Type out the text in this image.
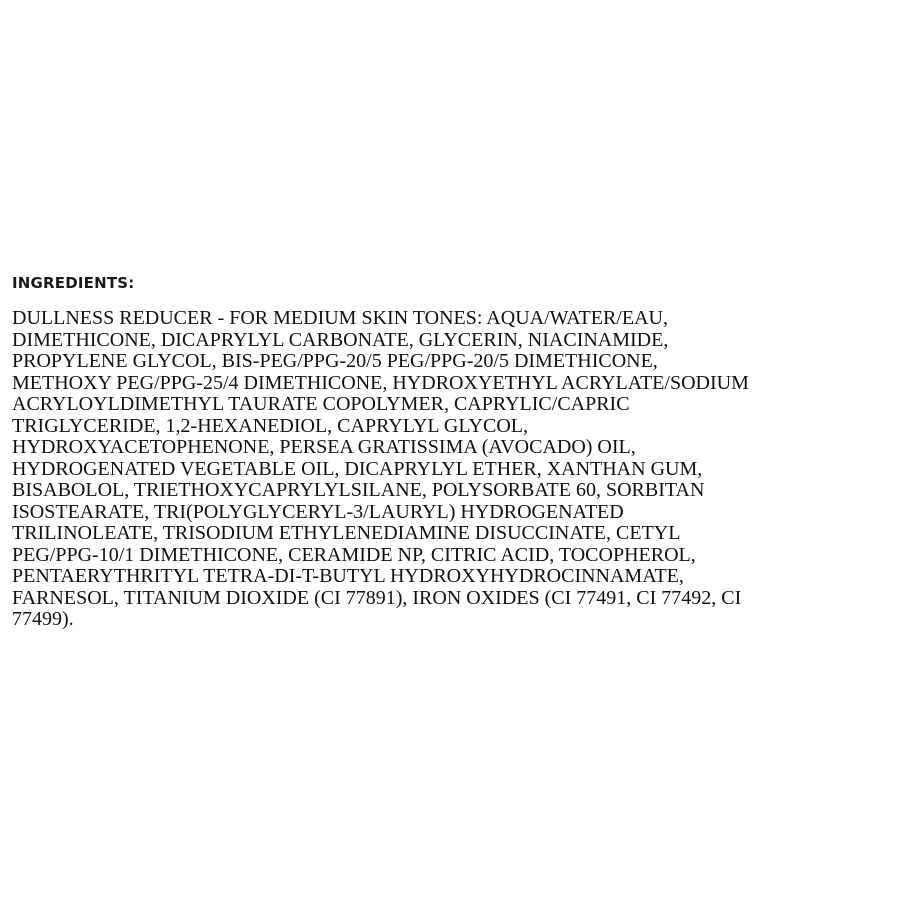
INGREDIENTS:
DULLNESS REDUCER - FOR MEDIUM SKIN TONES: AQUA/WATER/EAU,
DIMETHICONE, DICAPRYLYL CARBONATE, GLYCERIN, NIACINAMIDE,
PROPYLENE GLYCOL, BIS-PEG/PPG-20/5 PEG/PPG-20/5 DIMETHICONE,
METHOXY PEG/PPG-25/4 DIMETHICONE, HYDROXYETHYL ACRYLATE/SODIUM
ACRYLOYLDIMETHYL TAURATE COPOLYMER, CAPRYLIC/CAPRIC
TRIGLYCERIDE, 1,2-HEXANEDIOL, CAPRYLYL GLYCOL,
HYDROXYACETOPHENONE, PERSEA GRATISSIMA (AVOCADO) OIL,
HYDROGENATED VEGETABLE OIL, DICAPRYLYL ETHER, XANTHAN GUM,
BISABOLOL, TRIETHOXYCAPRYLYLSILANE, POLYSORBATE 60, SORBITAN
ISOSTEARATE, TRI(POLYGLYCERYL-3/LAURYL) HYDROGENATED
TRILINOLEATE, TRISODIUM ETHYLENEDIAMINE DISUCCINATE, CETYL
PEG/PPG-10/1 DIMETHICONE, CERAMIDE NP, CITRIC ACID, TOCOPHEROL,
PENTAERYTHRITYL TETRA-DI-T-BUTYL HYDROXYHYDROCINNAMATE,
FARNESOL, TITANIUM DIOXIDE (CI 77891), IRON OXIDES (CI 77491, CI 77492, CI
77499).
